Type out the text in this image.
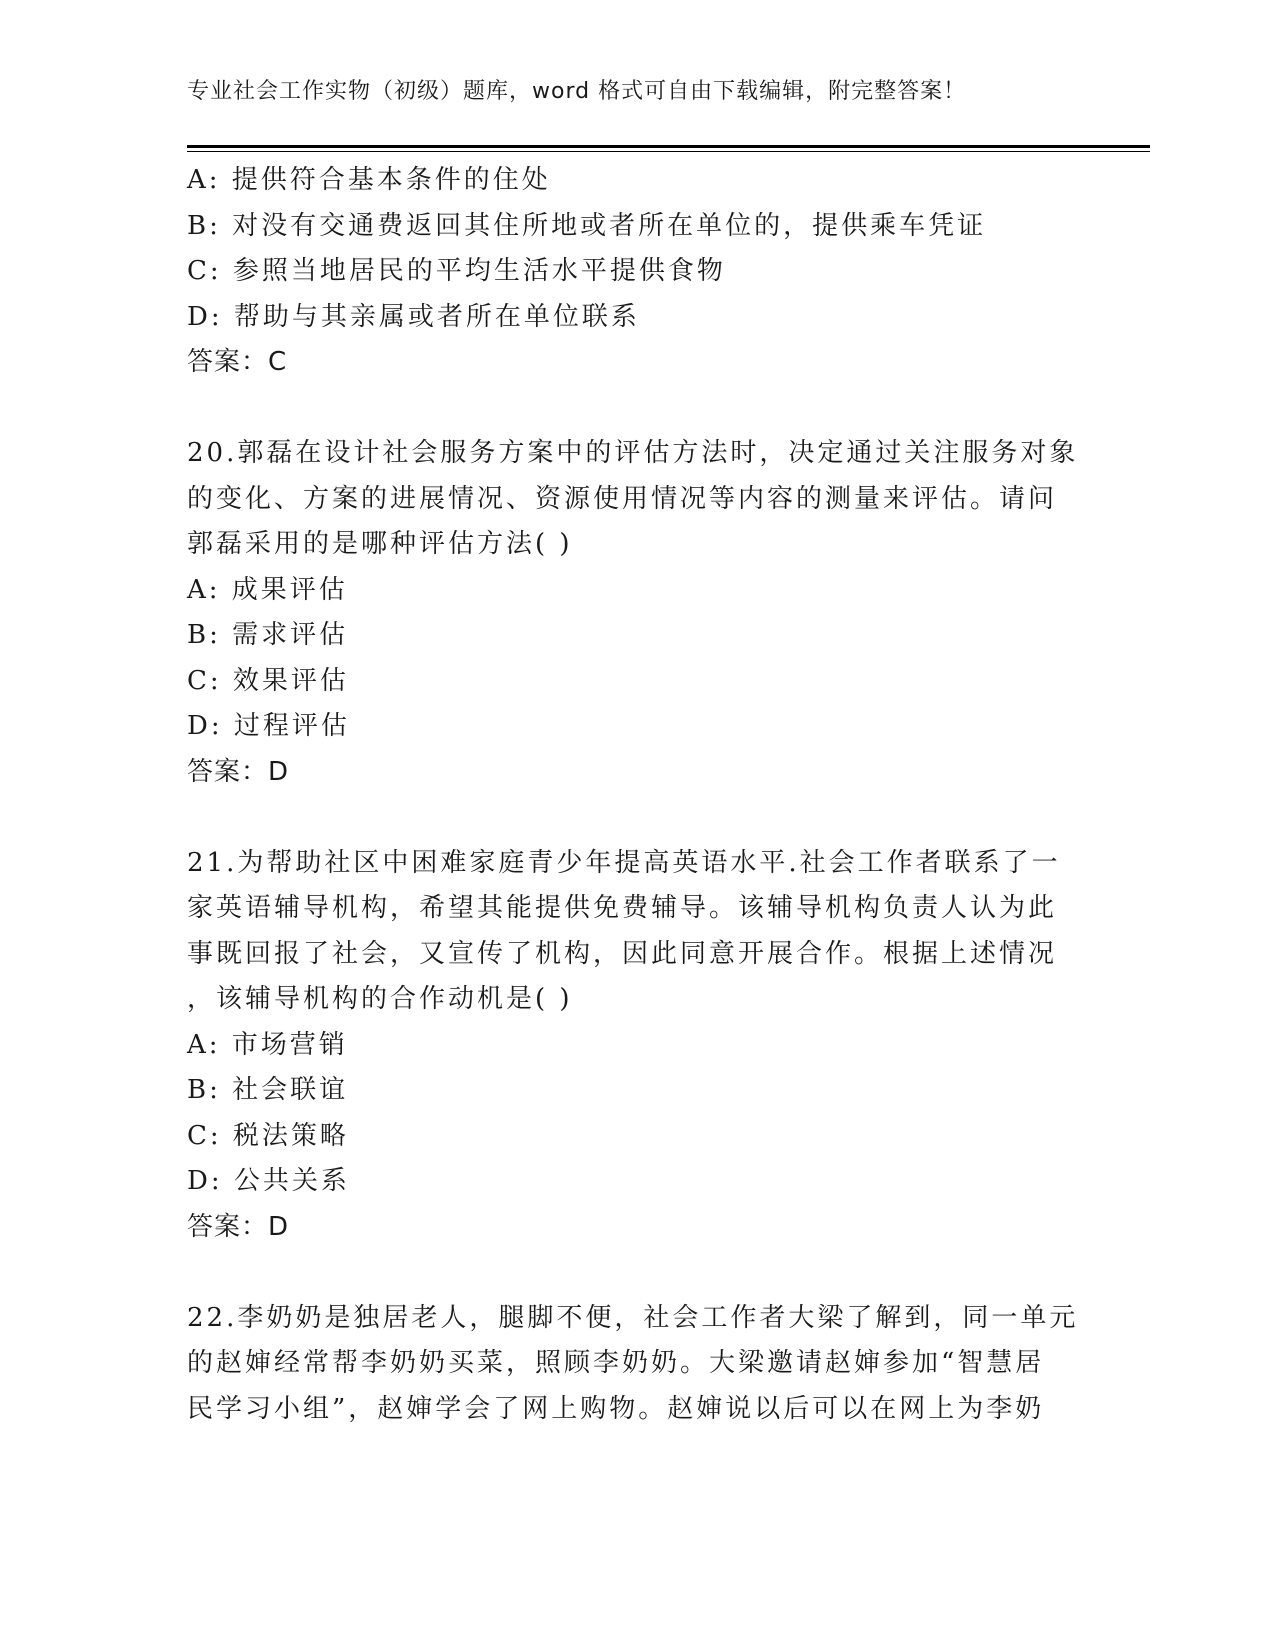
专业社会工作实物（初级）题库，word 格式可自由下载编辑，附完整答案！
A: 提供符合基本条件的住处
B: 对没有交通费返回其住所地或者所在单位的，提供乘车凭证
C: 参照当地居民的平均生活水平提供食物
D: 帮助与其亲属或者所在单位联系
答案：C
20.郭磊在设计社会服务方案中的评估方法时，决定通过关注服务对象
的变化、方案的进展情况、资源使用情况等内容的测量来评估。请问
郭磊采用的是哪种评估方法( )
A: 成果评估
B: 需求评估
C: 效果评估
D: 过程评估
答案：D
21.为帮助社区中困难家庭青少年提高英语水平.社会工作者联系了一
家英语辅导机构，希望其能提供免费辅导。该辅导机构负责人认为此
事既回报了社会，又宣传了机构，因此同意开展合作。根据上述情况
，该辅导机构的合作动机是( )
A: 市场营销
B: 社会联谊
C: 税法策略
D: 公共关系
答案：D
22.李奶奶是独居老人，腿脚不便，社会工作者大梁了解到，同一单元
的赵婶经常帮李奶奶买菜，照顾李奶奶。大梁邀请赵婶参加“智慧居
民学习小组”，赵婶学会了网上购物。赵婶说以后可以在网上为李奶
